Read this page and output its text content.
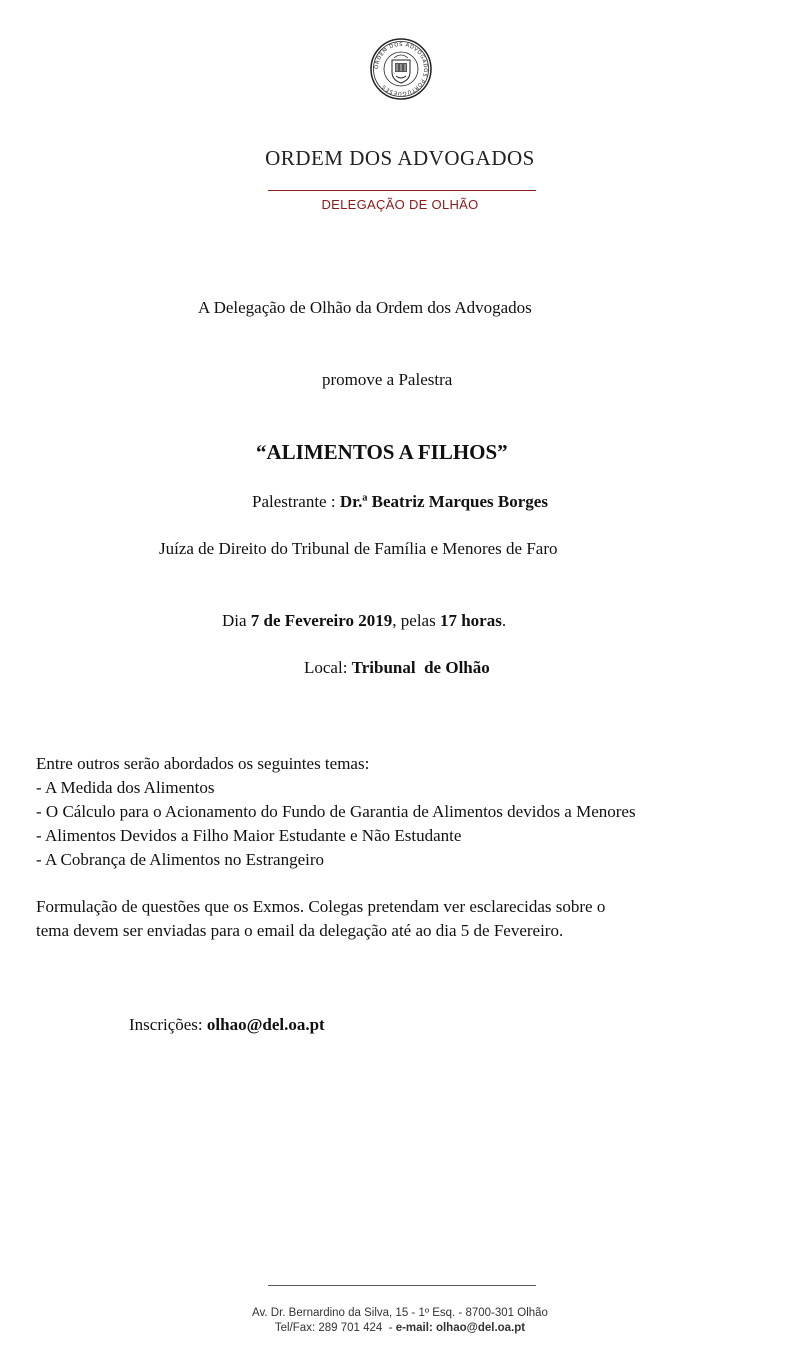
ORDEM DOS ADVOGADOS PORTUGUESES
ORDEM DOS ADVOGADOS
DELEGAÇÃO DE OLHÃO
A Delegação de Olhão da Ordem dos Advogados
promove a Palestra
“ALIMENTOS A FILHOS”
Palestrante : Dr.ª Beatriz Marques Borges
Juíza de Direito do Tribunal de Família e Menores de Faro
Dia 7 de Fevereiro 2019, pelas 17 horas.
Local: Tribunal  de Olhão
Entre outros serão abordados os seguintes temas:
- A Medida dos Alimentos
- O Cálculo para o Acionamento do Fundo de Garantia de Alimentos devidos a Menores
- Alimentos Devidos a Filho Maior Estudante e Não Estudante
- A Cobrança de Alimentos no Estrangeiro
Formulação de questões que os Exmos. Colegas pretendam ver esclarecidas sobre o
tema devem ser enviadas para o email da delegação até ao dia 5 de Fevereiro.
Inscrições: olhao@del.oa.pt
Av. Dr. Bernardino da Silva, 15 - 1º Esq. - 8700-301 Olhão
Tel/Fax: 289 701 424  - e-mail: olhao@del.oa.pt
